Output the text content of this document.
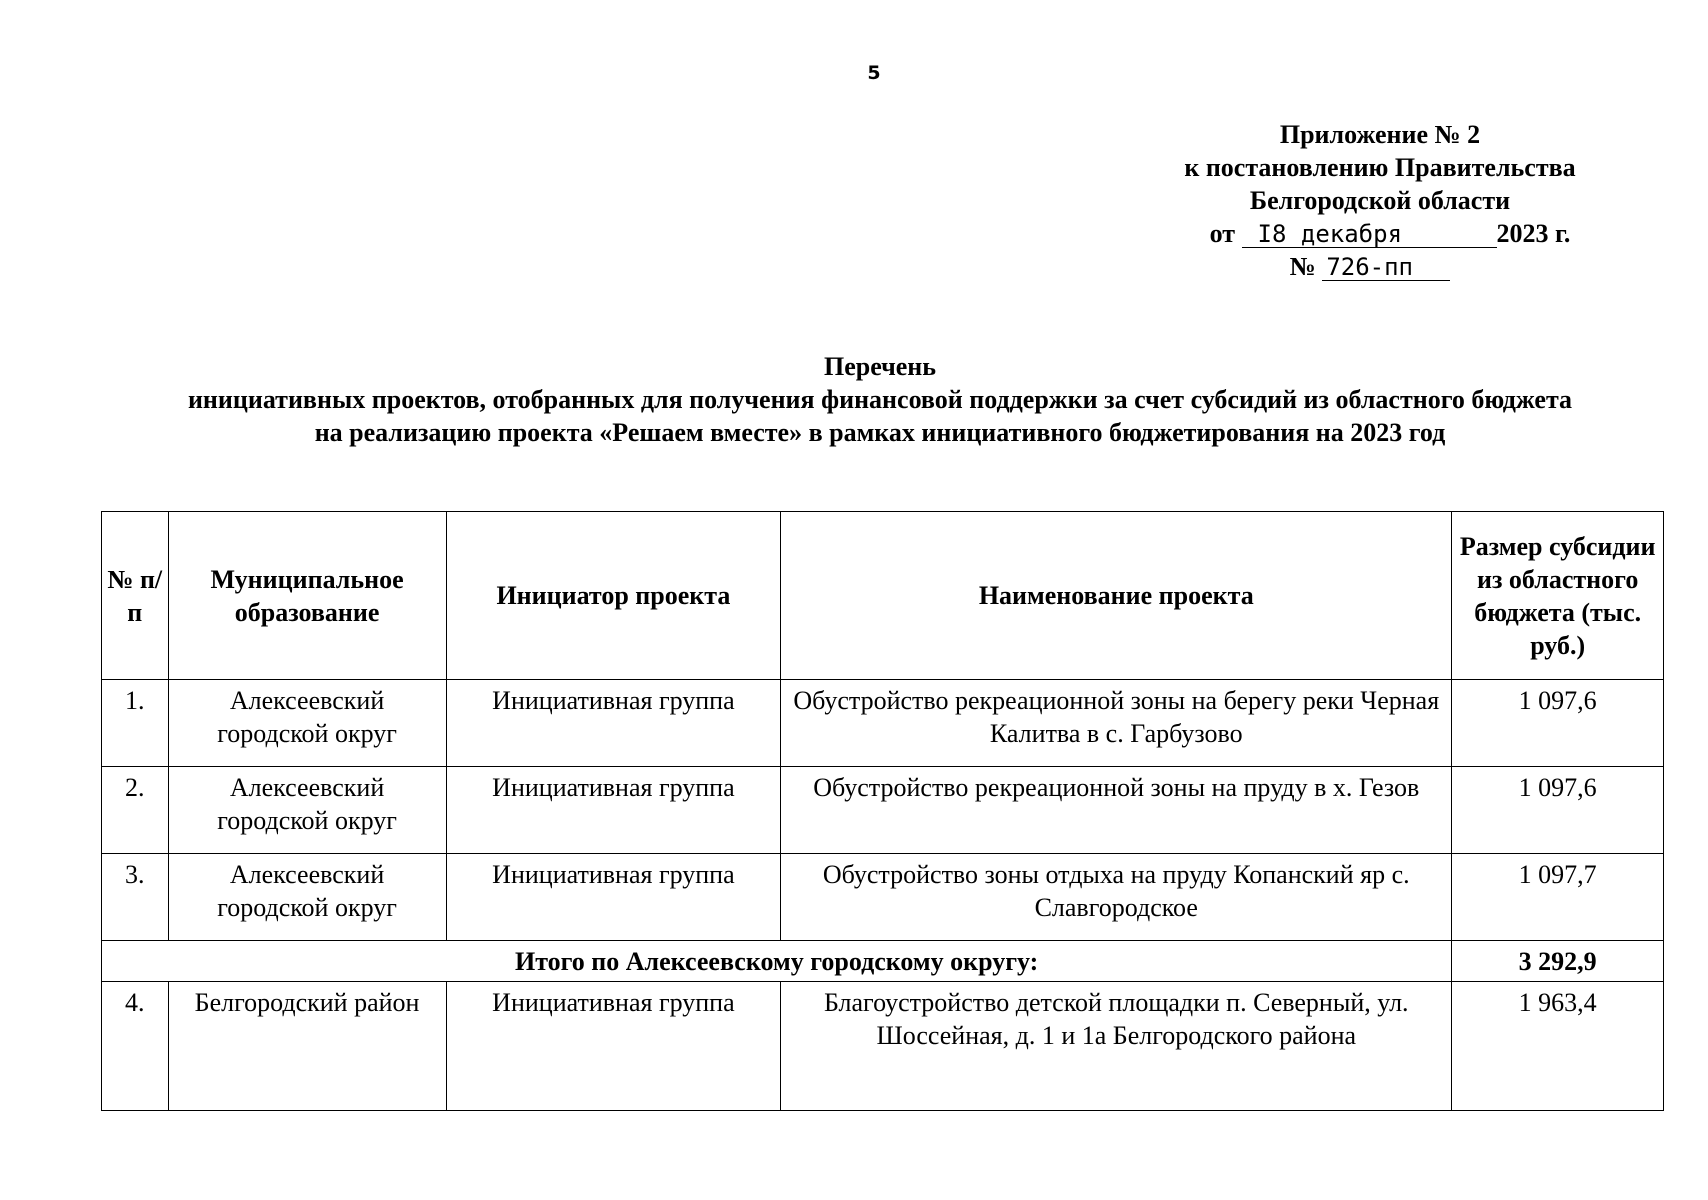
5
Приложение № 2
к постановлению Правительства
Белгородской области
от I8 декабря	2023 г.
№ 726-пп
Перечень
инициативных проектов, отобранных для получения финансовой поддержки за счет субсидий из областного бюджета
на реализацию проекта «Решаем вместе» в рамках инициативного бюджетирования на 2023 год
№ п/п	Муниципальное образование	Инициатор проекта	Наименование проекта	Размер субсидии из областного бюджета (тыс. руб.)
1.	Алексеевский городской округ	Инициативная группа	Обустройство рекреационной зоны на берегу реки Черная Калитва в с. Гарбузово	1 097,6
2.	Алексеевский городской округ	Инициативная группа	Обустройство рекреационной зоны на пруду в х. Гезов	1 097,6
3.	Алексеевский городской округ	Инициативная группа	Обустройство зоны отдыха на пруду Копанский яр с. Славгородское	1 097,7
Итого по Алексеевскому городскому округу:				3 292,9
4.	Белгородский район	Инициативная группа	Благоустройство детской площадки п. Северный, ул. Шоссейная, д. 1 и 1а Белгородского района	1 963,4
